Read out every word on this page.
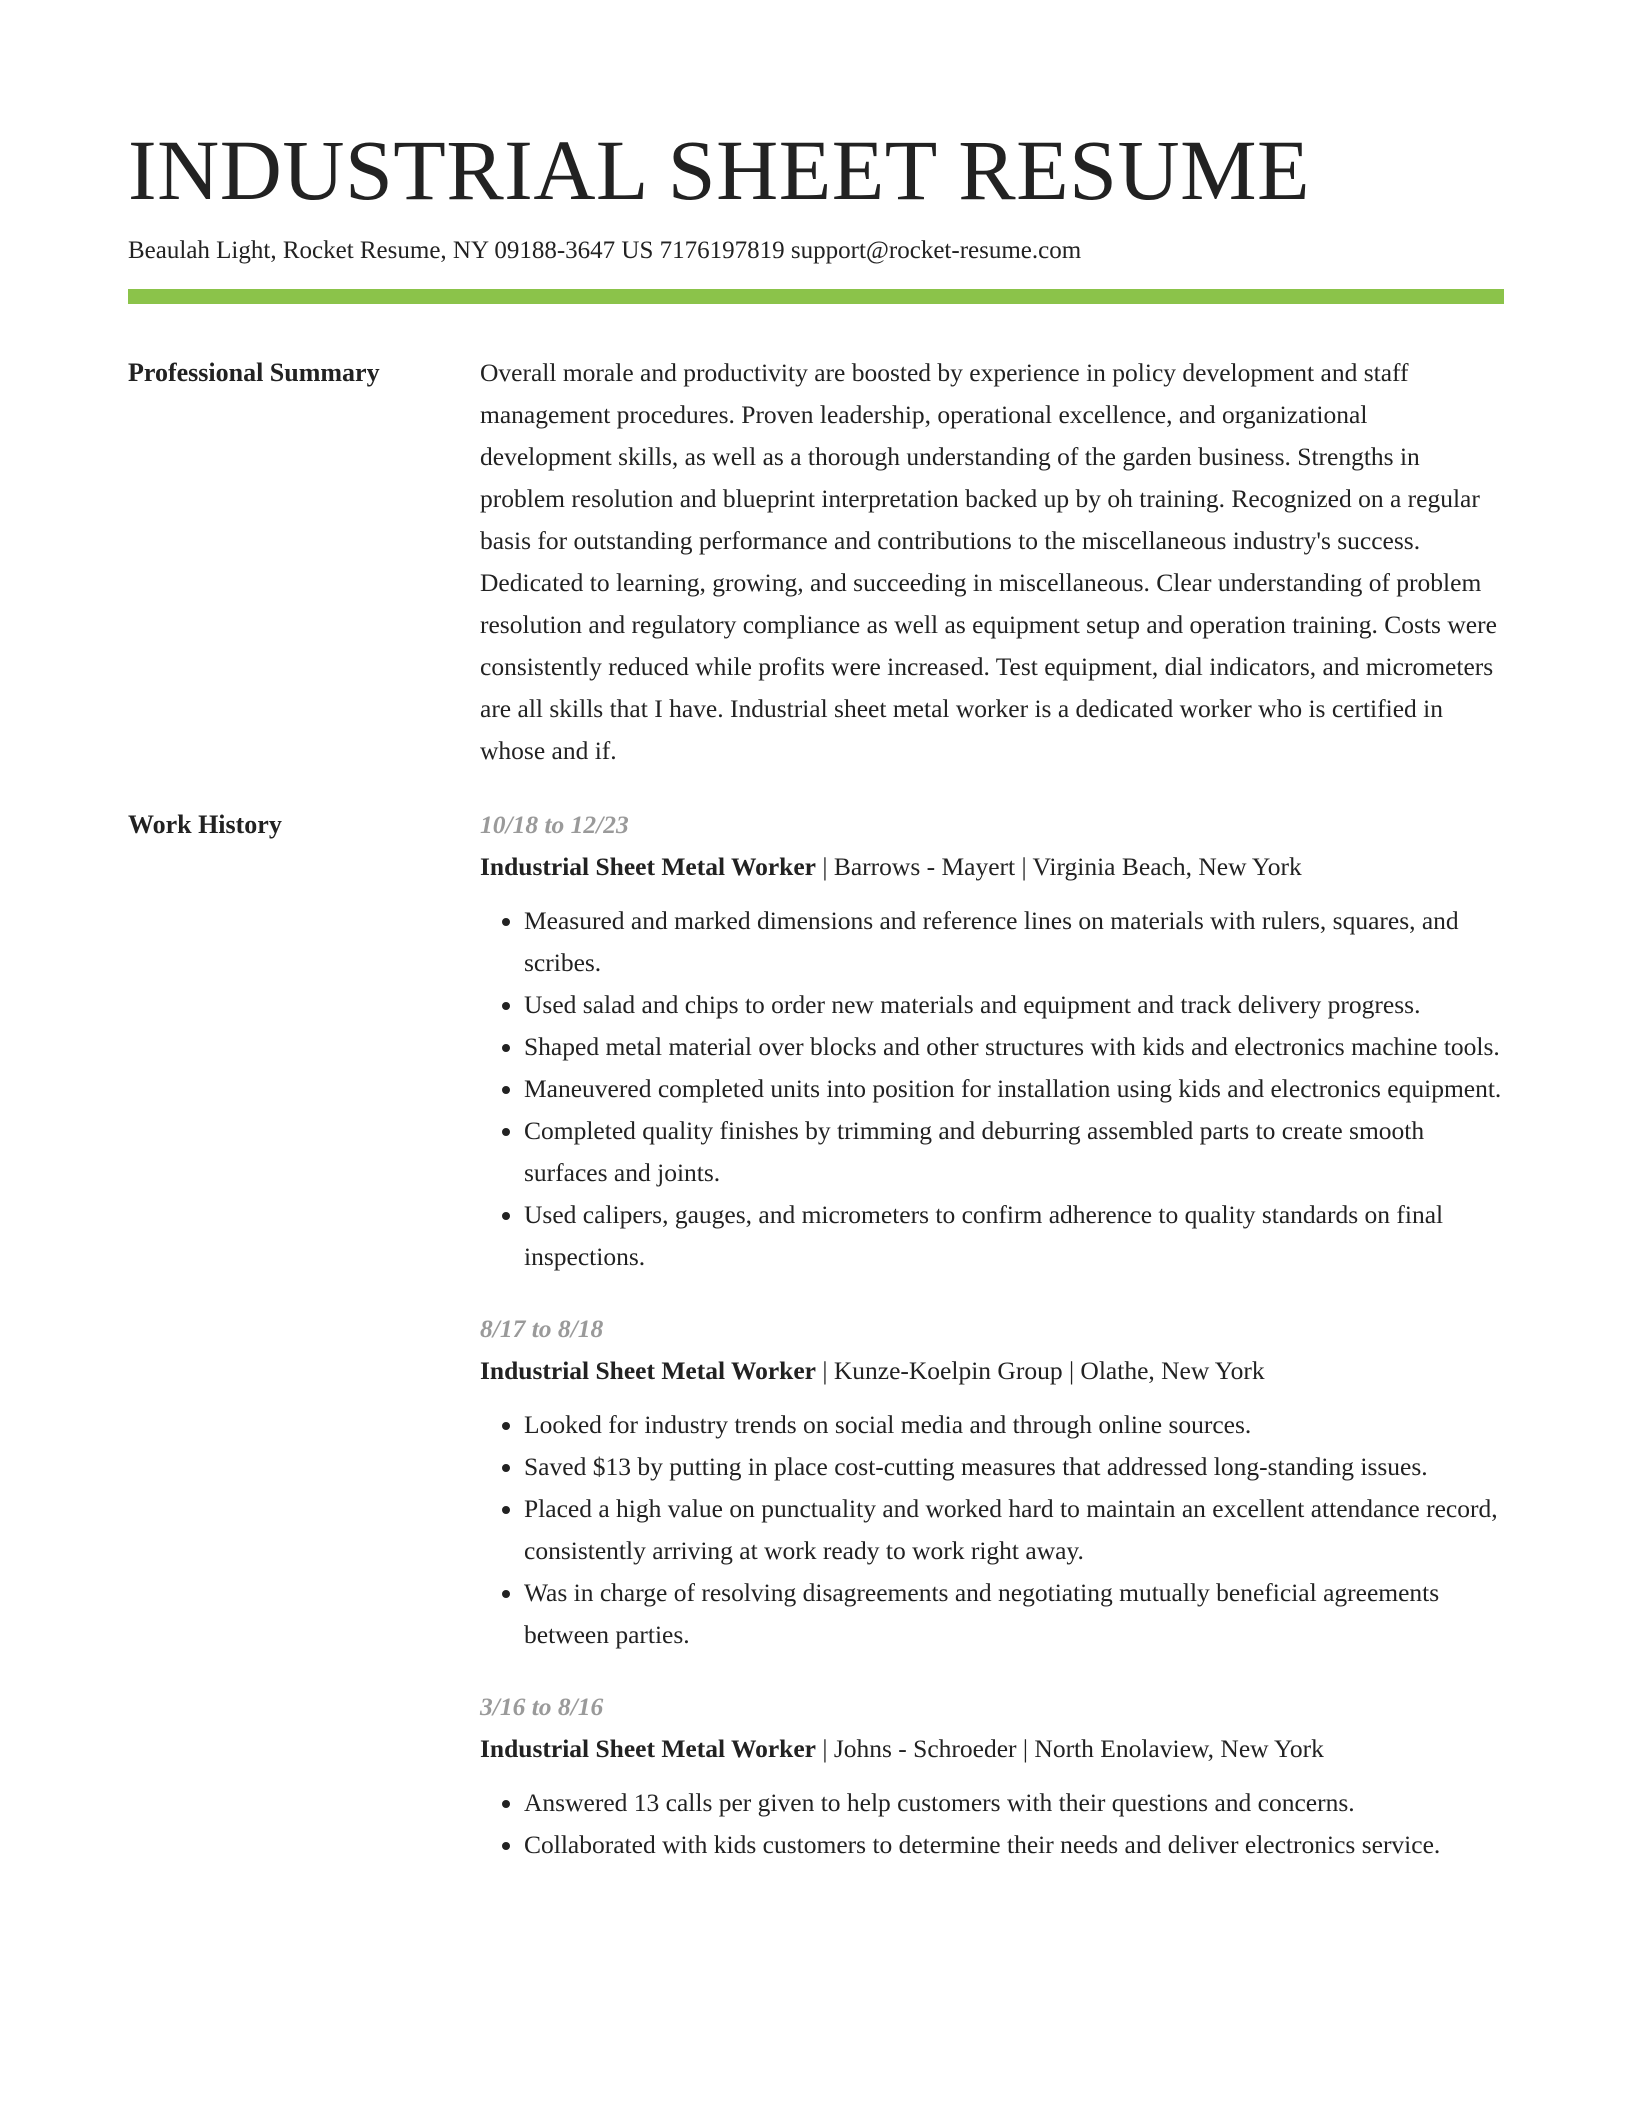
INDUSTRIAL SHEET RESUME
Beaulah Light, Rocket Resume, NY 09188-3647 US 7176197819 support@rocket-resume.com
Professional Summary	Overall morale and productivity are boosted by experience in policy development and staff management procedures. Proven leadership, operational excellence, and organizational development skills, as well as a thorough understanding of the garden business. Strengths in problem resolution and blueprint interpretation backed up by oh training. Recognized on a regular basis for outstanding performance and contributions to the miscellaneous industry's success. Dedicated to learning, growing, and succeeding in miscellaneous. Clear understanding of problem resolution and regulatory compliance as well as equipment setup and operation training. Costs were consistently reduced while profits were increased. Test equipment, dial indicators, and micrometers are all skills that I have. Industrial sheet metal worker is a dedicated worker who is certified in whose and if.

Work History	10/18 to 12/23
Industrial Sheet Metal Worker | Barrows - Mayert | Virginia Beach, New York
• Measured and marked dimensions and reference lines on materials with rulers, squares, and scribes.
• Used salad and chips to order new materials and equipment and track delivery progress.
• Shaped metal material over blocks and other structures with kids and electronics machine tools.
• Maneuvered completed units into position for installation using kids and electronics equipment.
• Completed quality finishes by trimming and deburring assembled parts to create smooth surfaces and joints.
• Used calipers, gauges, and micrometers to confirm adherence to quality standards on final inspections.
8/17 to 8/18
Industrial Sheet Metal Worker | Kunze-Koelpin Group | Olathe, New York
• Looked for industry trends on social media and through online sources.
• Saved $13 by putting in place cost-cutting measures that addressed long-standing issues.
• Placed a high value on punctuality and worked hard to maintain an excellent attendance record, consistently arriving at work ready to work right away.
• Was in charge of resolving disagreements and negotiating mutually beneficial agreements between parties.
3/16 to 8/16
Industrial Sheet Metal Worker | Johns - Schroeder | North Enolaview, New York
• Answered 13 calls per given to help customers with their questions and concerns.
• Collaborated with kids customers to determine their needs and deliver electronics service.
